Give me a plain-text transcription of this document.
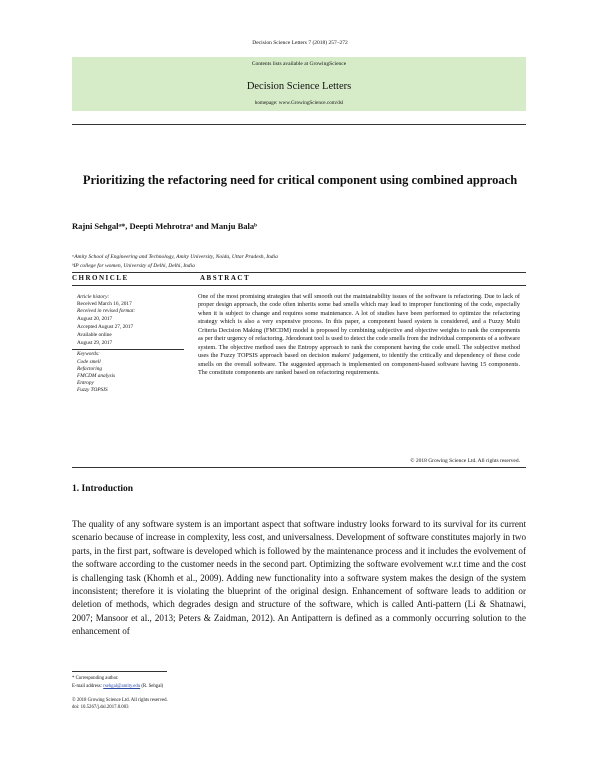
Decision Science Letters 7 (2018) 257–272
Contents lists available at GrowingScience
Decision Science Letters
homepage: www.GrowingScience.com/dsl
Prioritizing the refactoring need for critical component using combined approach
Rajni Sehgalᵃ*, Deepti Mehrotraᵃ and Manju Balaᵇ
ᵃAmity School of Engineering and Technology, Amity University, Noida, Uttar Pradesh, India
ᵇIP college for women, University of Delhi, Delhi, India
CHRONICLE	ABSTRACT
Article history:
Received March 16, 2017
Received in revised format:
August 20, 2017
Accepted August 27, 2017
Available online
August 29, 2017
Keywords:
Code smell
Refactoring
FMCDM analysis
Entropy
Fuzzy TOPSIS

One of the most promising strategies that will smooth out the maintainability issues of the software is refactoring. Due to lack of proper design approach, the code often inherits some bad smells which may lead to improper functioning of the code, especially when it is subject to change and requires some maintenance. A lot of studies have been performed to optimize the refactoring strategy which is also a very expensive process. In this paper, a component based system is considered, and a Fuzzy Multi Criteria Decision Making (FMCDM) model is proposed by combining subjective and objective weights to rank the components as per their urgency of refactoring. Jdeodorant tool is used to detect the code smells from the individual components of a software system. The objective method uses the Entropy approach to rank the component having the code smell. The subjective method uses the Fuzzy TOPSIS approach based on decision makers' judgement, to identify the critically and dependency of these code smells on the overall software. The suggested approach is implemented on component-based software having 15 components. The constitute components are ranked based on refactoring requirements.

© 2018 Growing Science Ltd. All rights reserved.
1. Introduction

The quality of any software system is an important aspect that software industry looks forward to its survival for its current scenario because of increase in complexity, less cost, and universalness. Development of software constitutes majorly in two parts, in the first part, software is developed which is followed by the maintenance process and it includes the evolvement of the software according to the customer needs in the second part. Optimizing the software evolvement w.r.t time and the cost is challenging task (Khomh et al., 2009). Adding new functionality into a software system makes the design of the system inconsistent; therefore it is violating the blueprint of the original design. Enhancement of software leads to addition or deletion of methods, which degrades design and structure of the software, which is called Anti-pattern (Li & Shatnawi, 2007; Mansoor et al., 2013; Peters & Zaidman, 2012). An Antipattern is defined as a commonly occurring solution to the enhancement of

* Corresponding author.
E-mail address: rsehgal@amity.edu (R. Sehgal)
© 2018 Growing Science Ltd. All rights reserved.
doi: 10.5267/j.dsl.2017.8.003
